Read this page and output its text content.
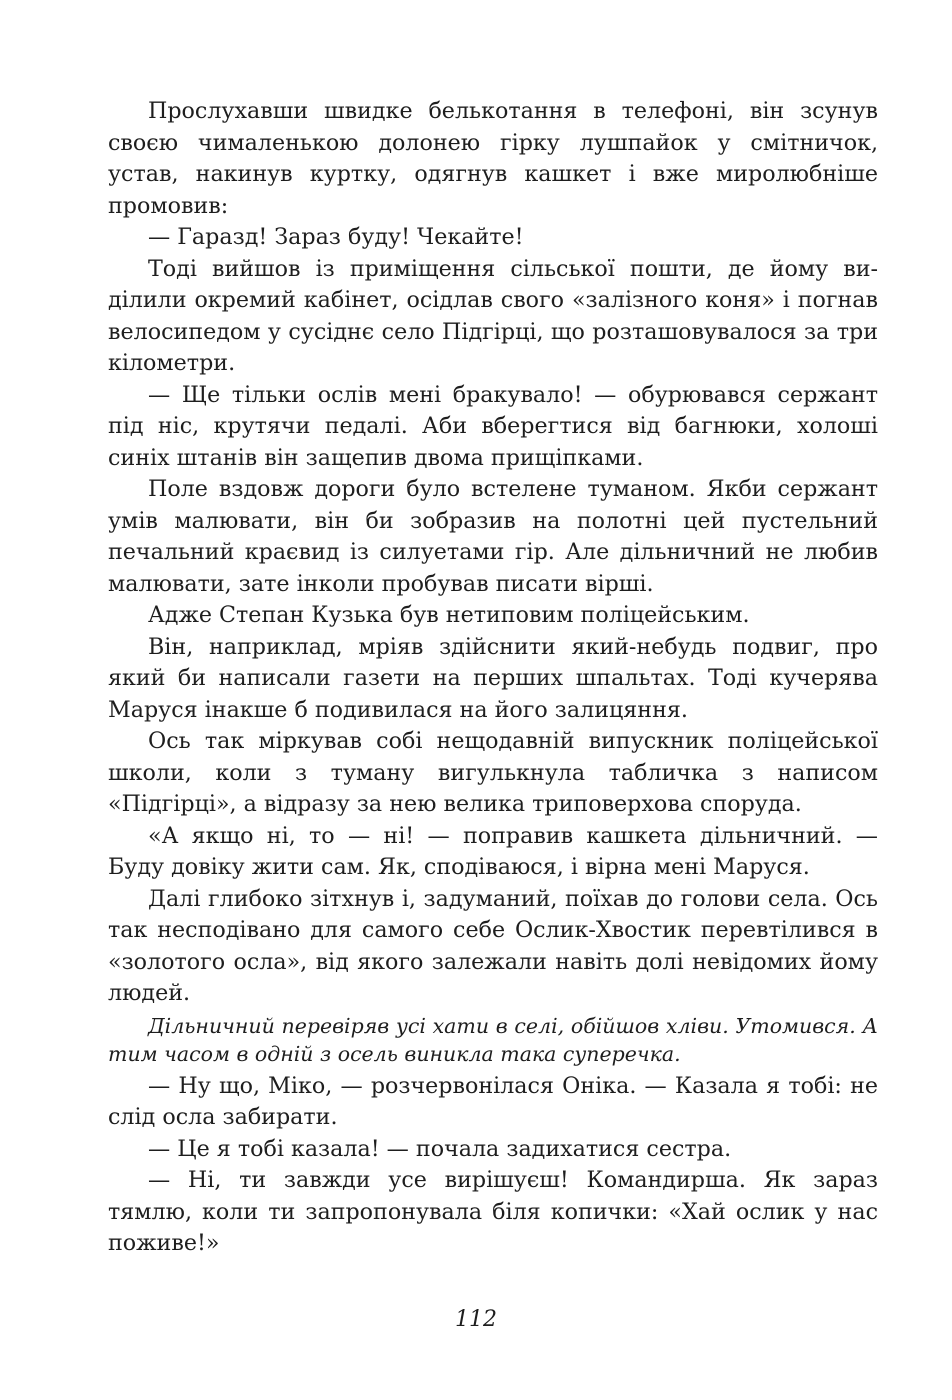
Прослухавши швидке белькотання в телефоні, він зсунув своєю чималенькою долонею гірку лушпайок у смітничок, устав, накинув куртку, одягнув кашкет і вже миролюбніше промовив:

— Гаразд! Зараз буду! Чекайте!

Тоді вийшов із приміщення сільської пошти, де йому виділили окремий кабінет, осідлав свого «залізного коня» і погнав велосипедом у сусіднє село Підгірці, що розташовувалося за три кілометри.

— Ще тільки ослів мені бракувало! — обурювався сержант під ніс, крутячи педалі. Аби вберегтися від багнюки, холоші синіх штанів він защепив двома прищіпками.

Поле вздовж дороги було встелене туманом. Якби сержант умів малювати, він би зобразив на полотні цей пустельний печальний краєвид із силуетами гір. Але дільничний не любив малювати, зате інколи пробував писати вірші.

Адже Степан Кузька був нетиповим поліцейським.

Він, наприклад, мріяв здійснити який-небудь подвиг, про який би написали газети на перших шпальтах. Тоді кучерява Маруся інакше б подивилася на його залицяння.

Ось так міркував собі нещодавній випускник поліцейської школи, коли з туману вигулькнула табличка з написом «Підгірці», а відразу за нею велика триповерхова споруда.

«А якщо ні, то — ні! — поправив кашкета дільничний. — Буду довіку жити сам. Як, сподіваюся, і вірна мені Маруся.

Далі глибоко зітхнув і, задуманий, поїхав до голови села. Ось так несподівано для самого себе Ослик-Хвостик перевтілився в «золотого осла», від якого залежали навіть долі невідомих йому людей.

Дільничний перевіряв усі хати в селі, обійшов хліви. Утомився. А тим часом в одній з осель виникла така суперечка.

— Ну що, Міко, — розчервонілася Оніка. — Казала я тобі: не слід осла забирати.

— Це я тобі казала! — почала задихатися сестра.

— Ні, ти завжди усе вирішуєш! Командирша. Як зараз тямлю, коли ти запропонувала біля копички: «Хай ослик у нас поживе!»

112
